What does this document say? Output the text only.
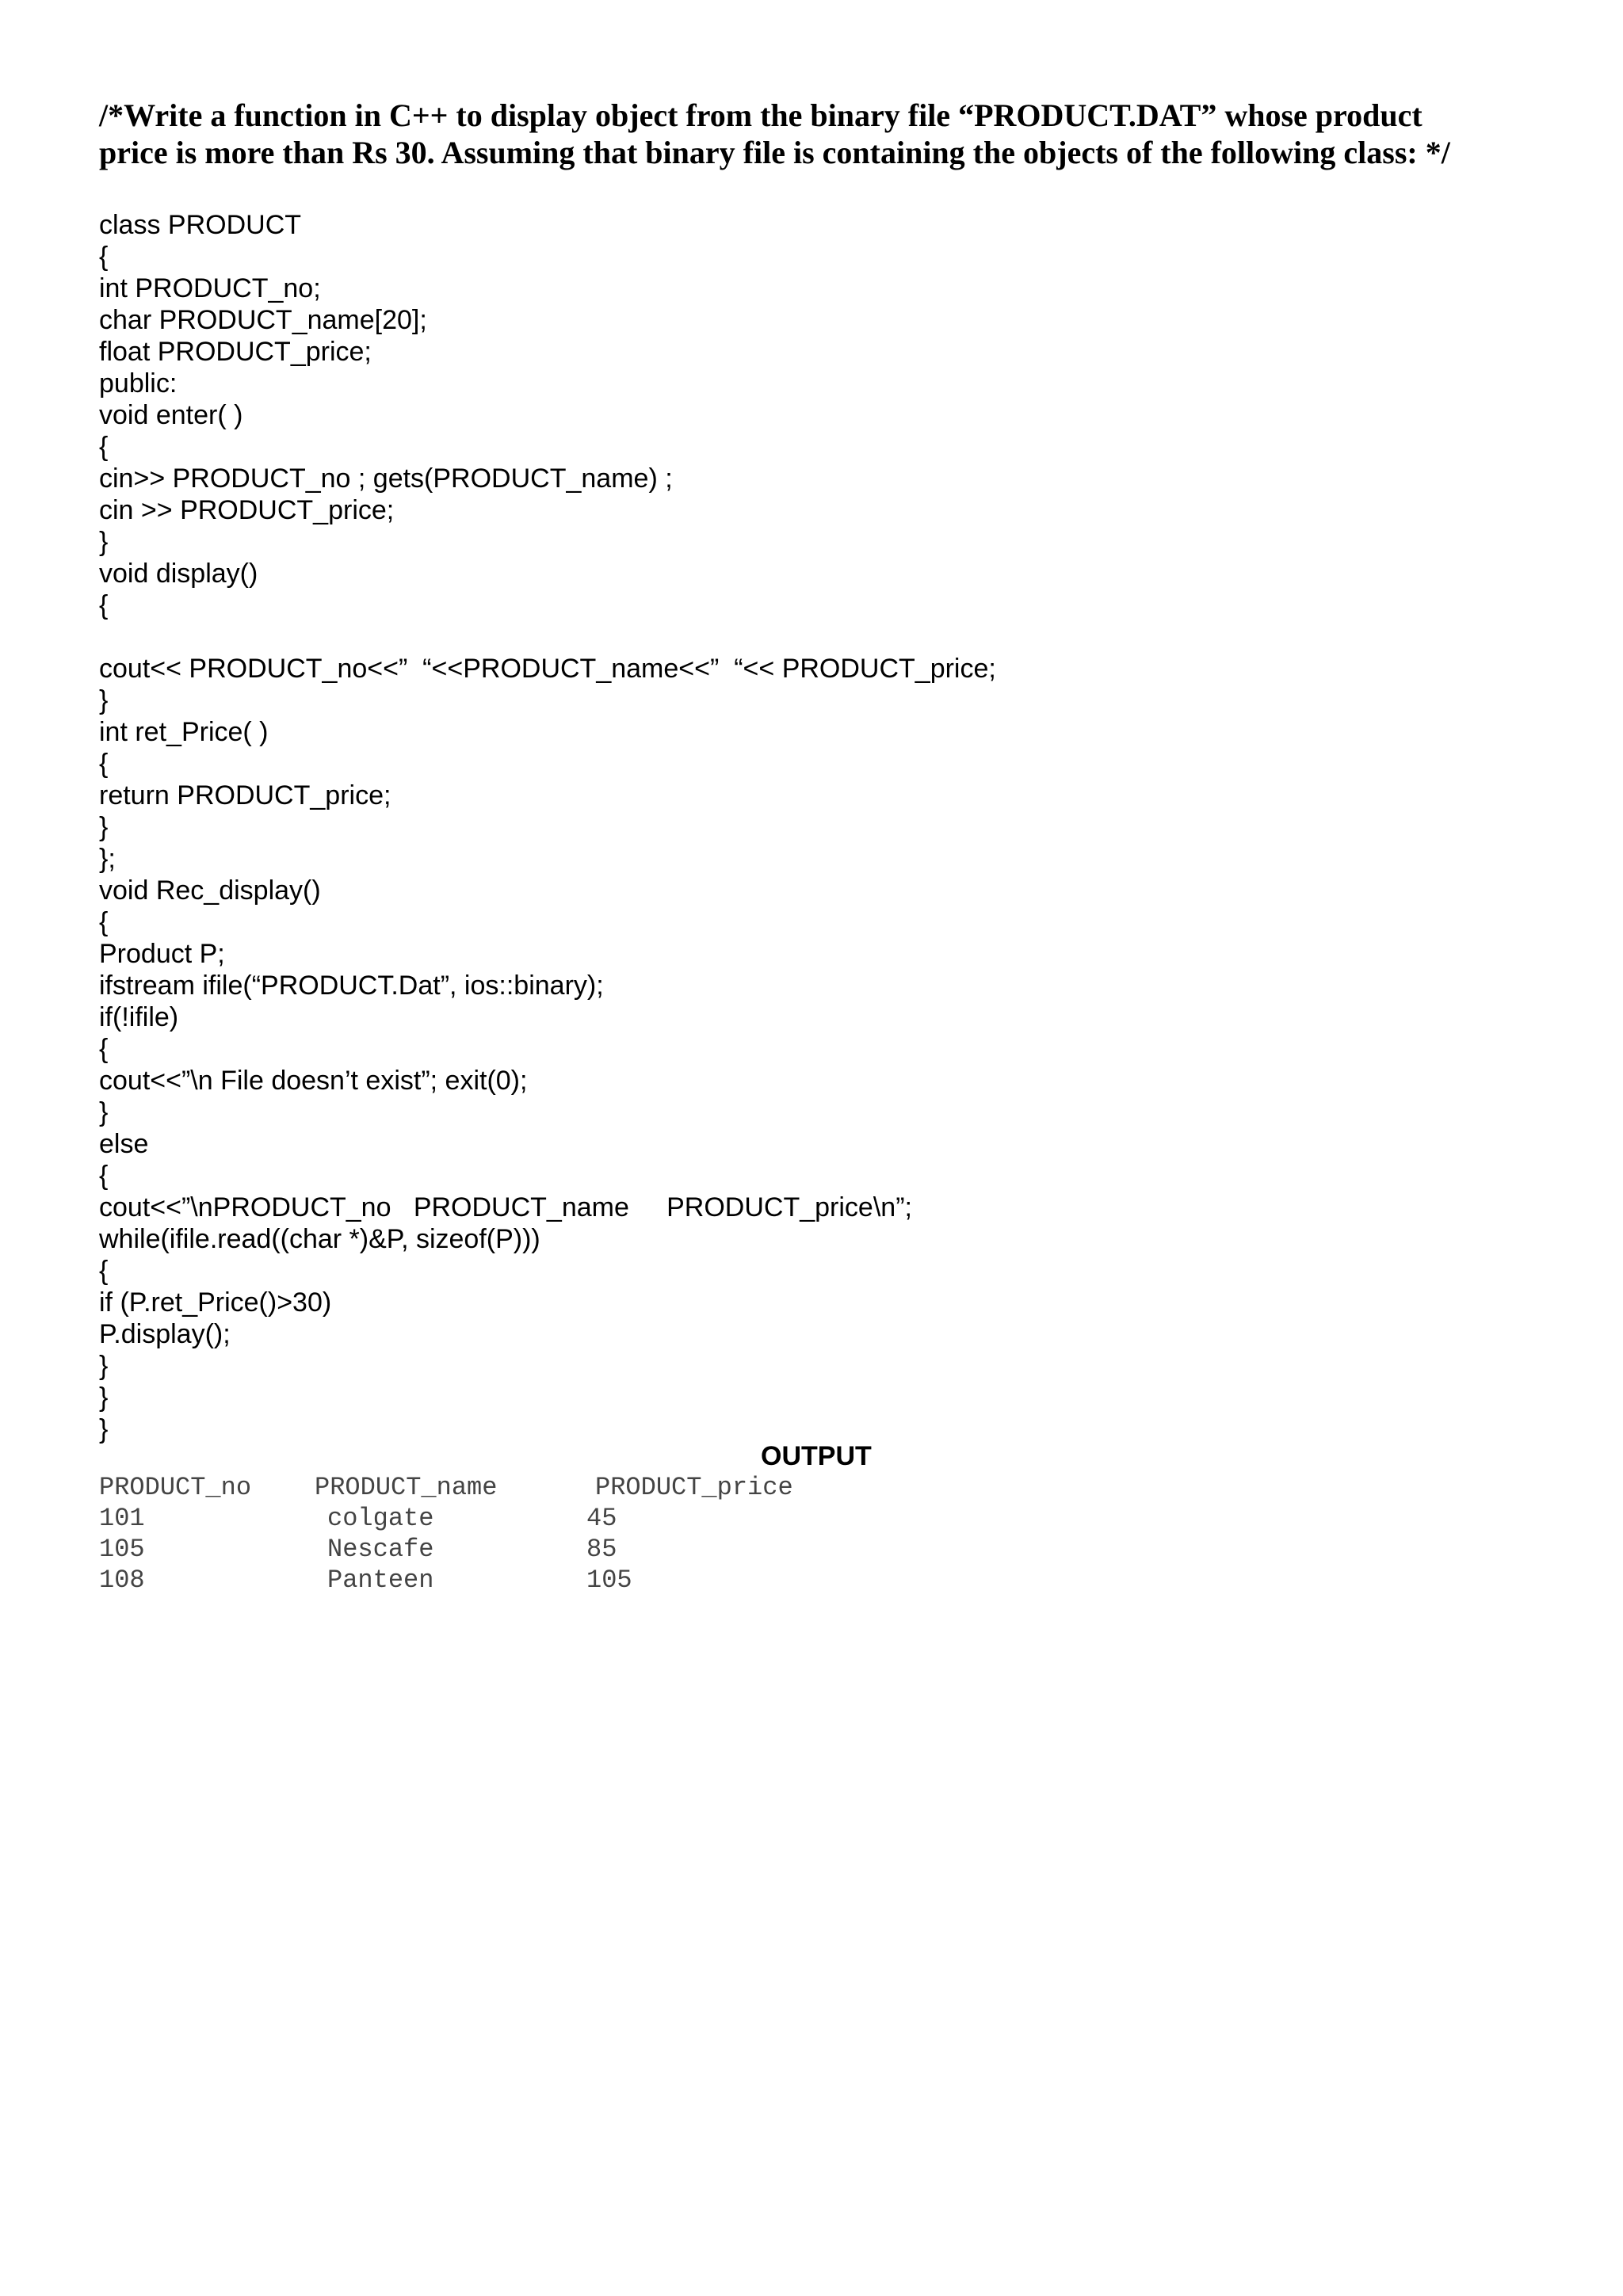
/*Write a function in C++ to display object from the binary file “PRODUCT.DAT” whose product
price is more than Rs 30. Assuming that binary file is containing the objects of the following class: */
class PRODUCT
{
int PRODUCT_no;
char PRODUCT_name[20];
float PRODUCT_price;
public:
void enter( )
{
cin>> PRODUCT_no ; gets(PRODUCT_name) ;
cin >> PRODUCT_price;
}
void display()
{
cout<< PRODUCT_no<<”  “<<PRODUCT_name<<”  “<< PRODUCT_price;
}
int ret_Price( )
{
return PRODUCT_price;
}
};
void Rec_display()
{
Product P;
ifstream ifile(“PRODUCT.Dat”, ios::binary);
if(!ifile)
{
cout<<”\n File doesn’t exist”; exit(0);
}
else
{
cout<<”\nPRODUCT_no   PRODUCT_name     PRODUCT_price\n”;
while(ifile.read((char *)&P, sizeof(P)))
{
if (P.ret_Price()>30)
P.display();
}
}
}
OUTPUT
PRODUCT_no PRODUCT_name	PRODUCT_price
101	colgate	45
105	Nescafe	85
108	Panteen	105
